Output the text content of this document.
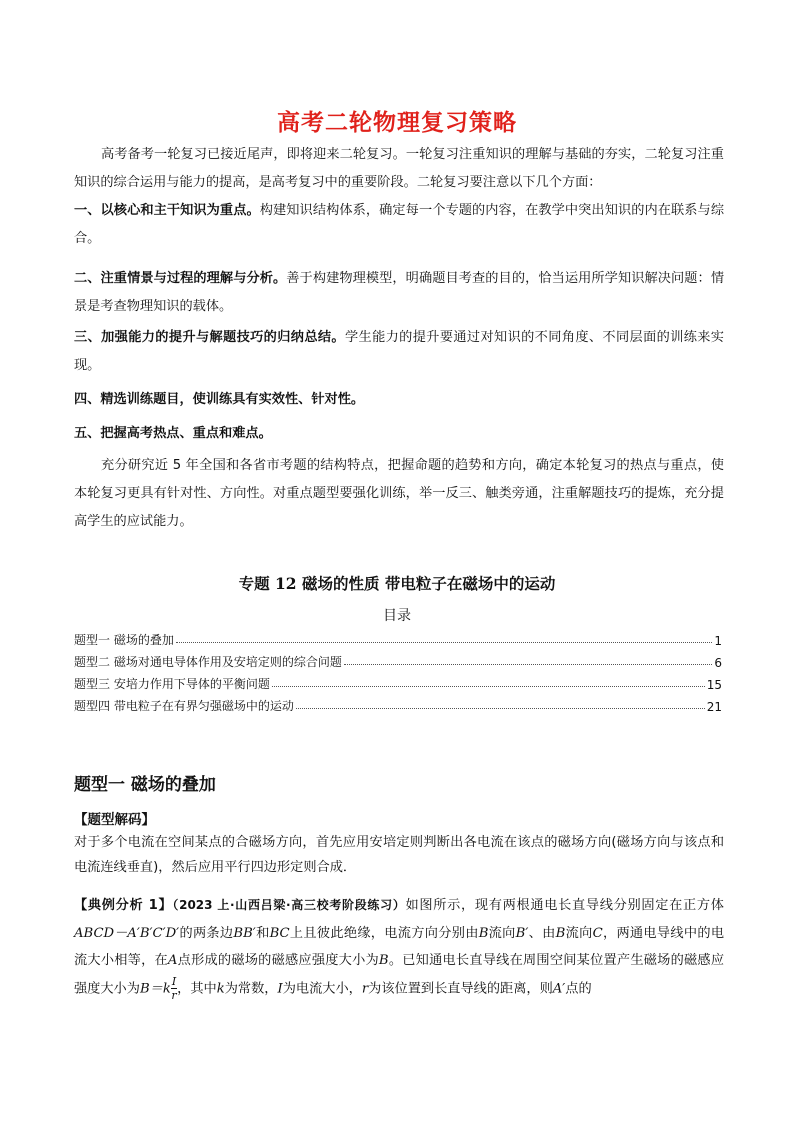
高考二轮物理复习策略
高考备考一轮复习已接近尾声，即将迎来二轮复习。一轮复习注重知识的理解与基础的夯实，二轮复习注重知识的综合运用与能力的提高，是高考复习中的重要阶段。二轮复习要注意以下几个方面：
一、以核心和主干知识为重点。构建知识结构体系，确定每一个专题的内容，在教学中突出知识的内在联系与综合。
二、注重情景与过程的理解与分析。善于构建物理模型，明确题目考查的目的，恰当运用所学知识解决问题：情景是考查物理知识的载体。
三、加强能力的提升与解题技巧的归纳总结。学生能力的提升要通过对知识的不同角度、不同层面的训练来实现。
四、精选训练题目，使训练具有实效性、针对性。
五、把握高考热点、重点和难点。
充分研究近 5 年全国和各省市考题的结构特点，把握命题的趋势和方向，确定本轮复习的热点与重点，使本轮复习更具有针对性、方向性。对重点题型要强化训练，举一反三、触类旁通，注重解题技巧的提炼，充分提高学生的应试能力。
专题 12 磁场的性质 带电粒子在磁场中的运动
目录
题型一 磁场的叠加	1
题型二 磁场对通电导体作用及安培定则的综合问题	6
题型三 安培力作用下导体的平衡问题	15
题型四 带电粒子在有界匀强磁场中的运动	21
题型一 磁场的叠加
【题型解码】
对于多个电流在空间某点的合磁场方向，首先应用安培定则判断出各电流在该点的磁场方向(磁场方向与该点和电流连线垂直)，然后应用平行四边形定则合成．
【典例分析 1】（2023 上·山西吕梁·高三校考阶段练习）如图所示，现有两根通电长直导线分别固定在正方体ABCD－A′B′C′D′的两条边BB′和BC上且彼此绝缘，电流方向分别由B流向B′、由B流向C，两通电导线中的电流大小相等，在A点形成的磁场的磁感应强度大小为B。已知通电长直导线在周围空间某位置产生磁场的磁感应强度大小为$B=k \frac{I}{r}$ ，其中k为常数，I为电流大小，r为该位置到长直导线的距离，则A′点的
